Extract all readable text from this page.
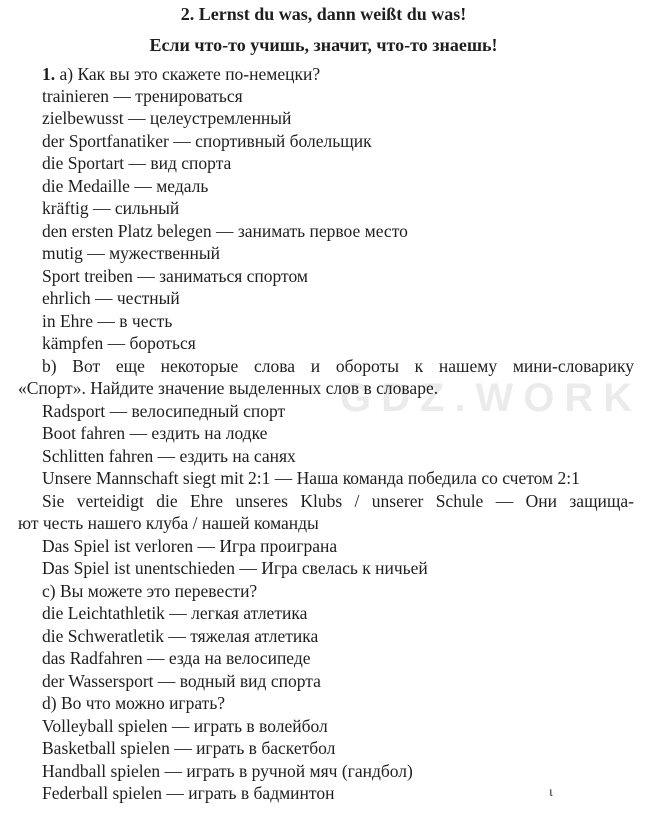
2. Lernst du was, dann weißt du was!
Если что-то учишь, значит, что-то знаешь!
1. а) Как вы это скажете по-немецки?
trainieren — тренироваться
zielbewusst — целеустремленный
der Sportfanatiker — спортивный болельщик
die Sportart — вид спорта
die Medaille — медаль
kräftig — сильный
den ersten Platz belegen — занимать первое место
mutig — мужественный
Sport treiben — заниматься спортом
ehrlich — честный
in Ehre — в честь
kämpfen — бороться
b) Вот еще некоторые слова и обороты к нашему мини-словарику
«Спорт». Найдите значение выделенных слов в словаре.
GDZ.WORK
Radsport — велосипедный спорт
Boot fahren — ездить на лодке
Schlitten fahren — ездить на санях
Unsere Mannschaft siegt mit 2:1 — Наша команда победила со счетом 2:1
Sie verteidigt die Ehre unseres Klubs / unserer Schule — Они защища-
ют честь нашего клуба / нашей команды
Das Spiel ist verloren — Игра проиграна
Das Spiel ist unentschieden — Игра свелась к ничьей
c) Вы можете это перевести?
die Leichtathletik — легкая атлетика
die Schweratletik — тяжелая атлетика
das Radfahren — езда на велосипеде
der Wassersport — водный вид спорта
d) Во что можно играть?
Volleyball spielen — играть в волейбол
Basketball spielen — играть в баскетбол
Handball spielen — играть в ручной мяч (гандбол)
Federball spielen — играть в бадминтон	ι
